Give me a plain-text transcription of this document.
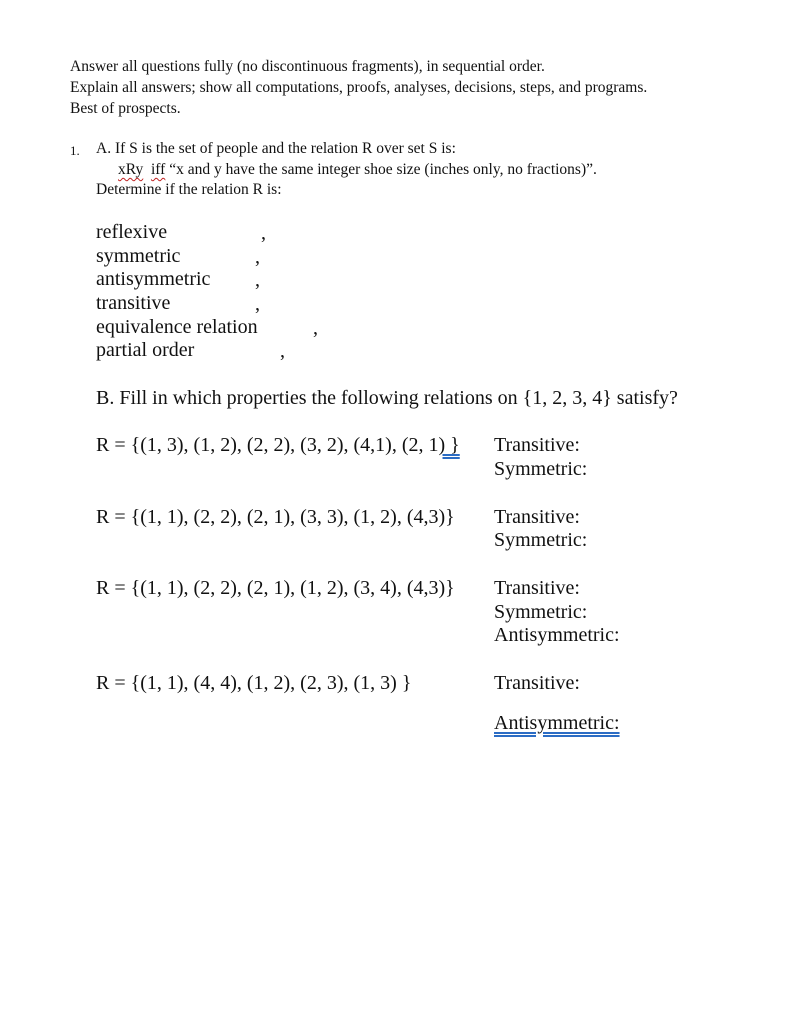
Answer all questions fully (no discontinuous fragments), in sequential order.
Explain all answers; show all computations, proofs, analyses, decisions, steps, and programs.
Best of prospects.
1. A. If S is the set of people and the relation R over set S is:
xRy iff “x and y have the same integer shoe size (inches only, no fractions)”.
Determine if the relation R is:
reflexive	,
symmetric	,
antisymmetric ,
transitive	,
equivalence relation	,
partial order	,
B. Fill in which properties the following relations on {1, 2, 3, 4} satisfy?
R = {(1, 3), (1, 2), (2, 2), (3, 2), (4,1), (2, 1) } Transitive:
Symmetric:
R = {(1, 1), (2, 2), (2, 1), (3, 3), (1, 2), (4,3)} Transitive:
Symmetric:
R = {(1, 1), (2, 2), (2, 1), (1, 2), (3, 4), (4,3)} Transitive:
Symmetric:
Antisymmetric:
R = {(1, 1), (4, 4), (1, 2), (2, 3), (1, 3) }	Transitive:
Antisymmetric:
